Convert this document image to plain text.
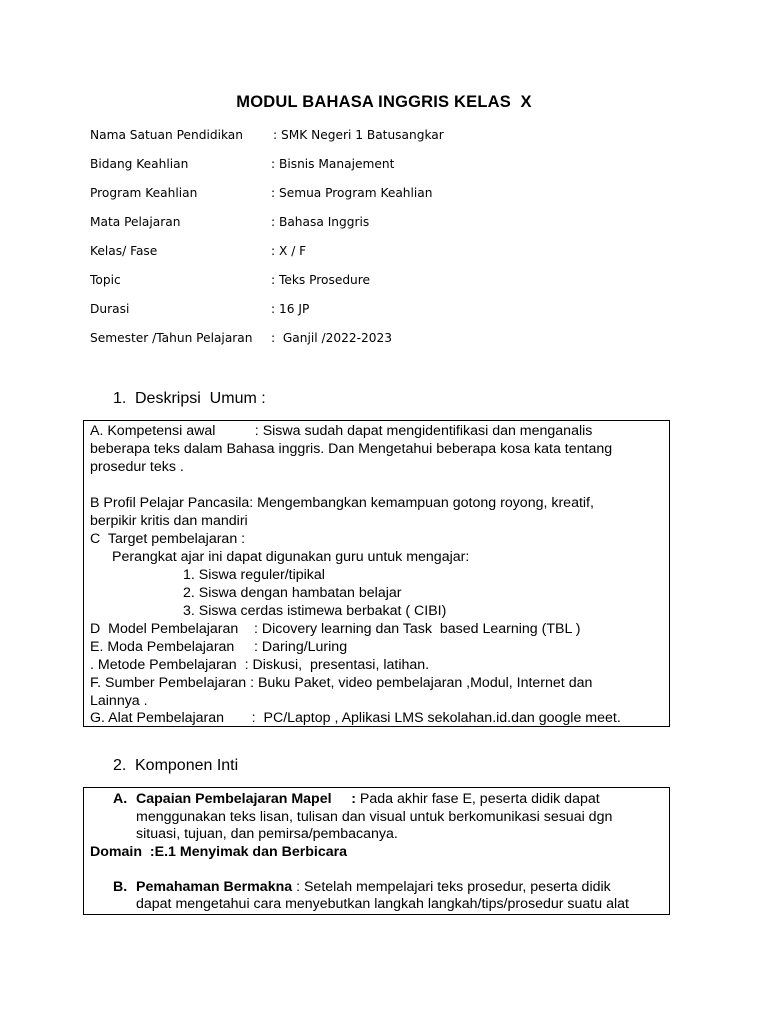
MODUL BAHASA INGGRIS KELAS  X
Nama Satuan Pendidikan : SMK Negeri 1 Batusangkar
Bidang Keahlian	: Bisnis Manajement
Program Keahlian	: Semua Program Keahlian
Mata Pelajaran	: Bahasa Inggris
Kelas/ Fase	: X / F
Topic	: Teks Prosedure
Durasi	: 16 JP
Semester /Tahun Pelajaran :  Ganjil /2022-2023
1. Deskripsi  Umum :
A. Kompetensi awal          : Siswa sudah dapat mengidentifikasi dan menganalis
beberapa teks dalam Bahasa inggris. Dan Mengetahui beberapa kosa kata tentang
prosedur teks .
B Profil Pelajar Pancasila: Mengembangkan kemampuan gotong royong, kreatif,
berpikir kritis dan mandiri
C  Target pembelajaran :
Perangkat ajar ini dapat digunakan guru untuk mengajar:
1. Siswa reguler/tipikal
2. Siswa dengan hambatan belajar
3. Siswa cerdas istimewa berbakat ( CIBI)
D  Model Pembelajaran    : Dicovery learning dan Task  based Learning (TBL )
E. Moda Pembelajaran     : Daring/Luring
. Metode Pembelajaran  : Diskusi,  presentasi, latihan.
F. Sumber Pembelajaran : Buku Paket, video pembelajaran ,Modul, Internet dan
Lainnya .
G. Alat Pembelajaran       :  PC/Laptop , Aplikasi LMS sekolahan.id.dan google meet.
2. Komponen Inti
A. Capaian Pembelajaran Mapel     : Pada akhir fase E, peserta didik dapat
menggunakan teks lisan, tulisan dan visual untuk berkomunikasi sesuai dgn
situasi, tujuan, dan pemirsa/pembacanya.
Domain  :E.1 Menyimak dan Berbicara
B. Pemahaman Bermakna : Setelah mempelajari teks prosedur, peserta didik
dapat mengetahui cara menyebutkan langkah langkah/tips/prosedur suatu alat
